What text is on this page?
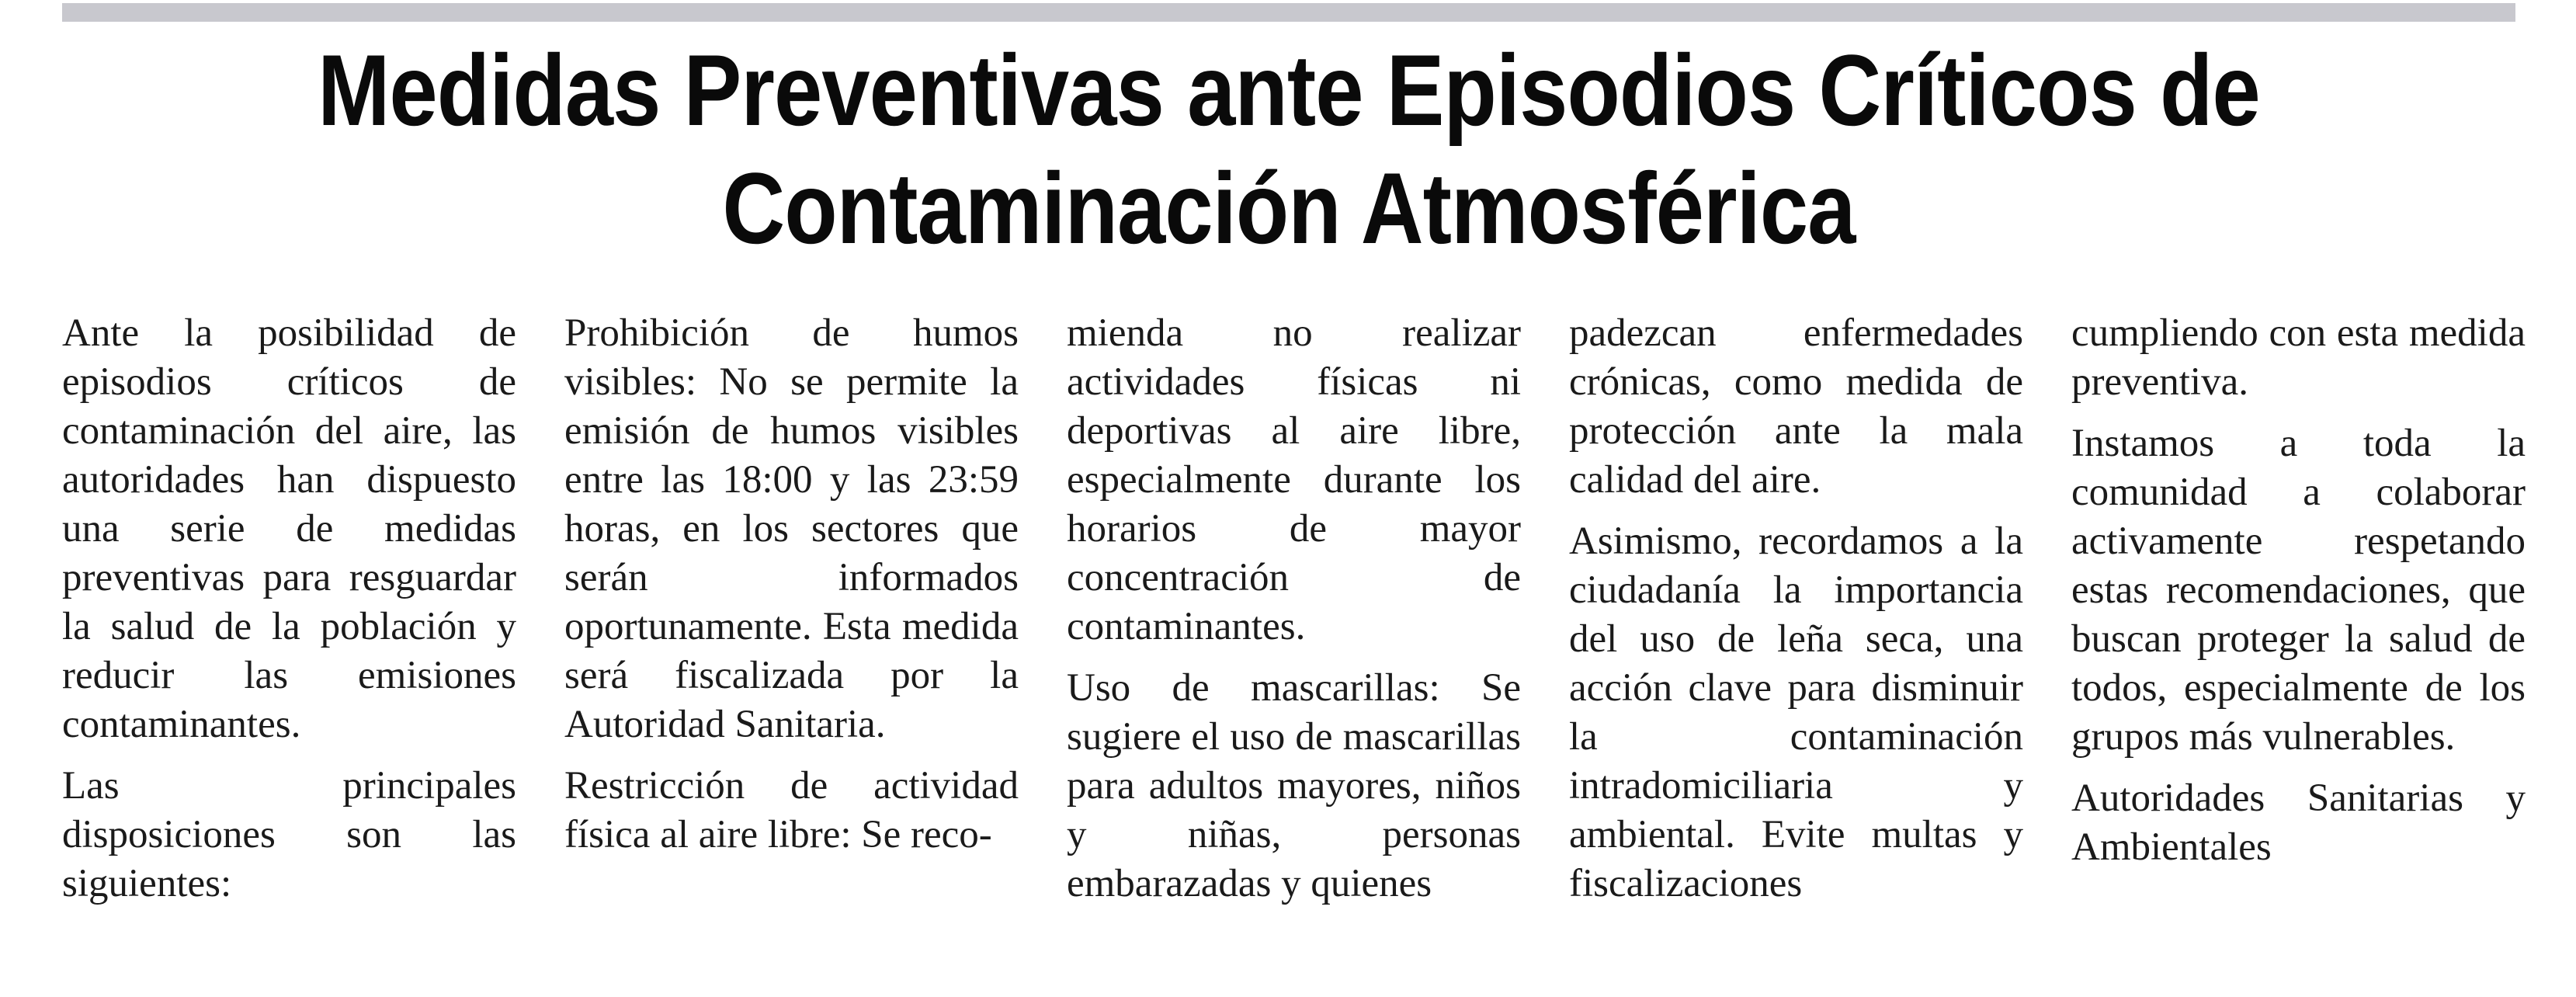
Medidas Preventivas ante Episodios Críticos de
Contaminación Atmosférica

Ante la posibilidad de episodios críticos de contaminación del aire, las autoridades han dispuesto una serie de medidas preventivas para resguardar la salud de la población y reducir las emisiones contaminantes.

Las principales disposiciones son las siguientes:

Prohibición de humos visibles: No se permite la emisión de humos visibles entre las 18:00 y las 23:59 horas, en los sectores que serán informados oportunamente. Esta medida será fiscalizada por la Autoridad Sanitaria.

Restricción de actividad física al aire libre: Se reco-

mienda no realizar actividades físicas ni deportivas al aire libre, especialmente durante los horarios de mayor concentración de contaminantes.

Uso de mascarillas: Se sugiere el uso de mascarillas para adultos mayores, niños y niñas, personas embarazadas y quienes

padezcan enfermedades crónicas, como medida de protección ante la mala calidad del aire.

Asimismo, recordamos a la ciudadanía la importancia del uso de leña seca, una acción clave para disminuir la contaminación intradomiciliaria y ambiental. Evite multas y fiscalizaciones

cumpliendo con esta medida preventiva.

Instamos a toda la comunidad a colaborar activamente respetando estas recomendaciones, que buscan proteger la salud de todos, especialmente de los grupos más vulnerables.

Autoridades Sanitarias y Ambientales
